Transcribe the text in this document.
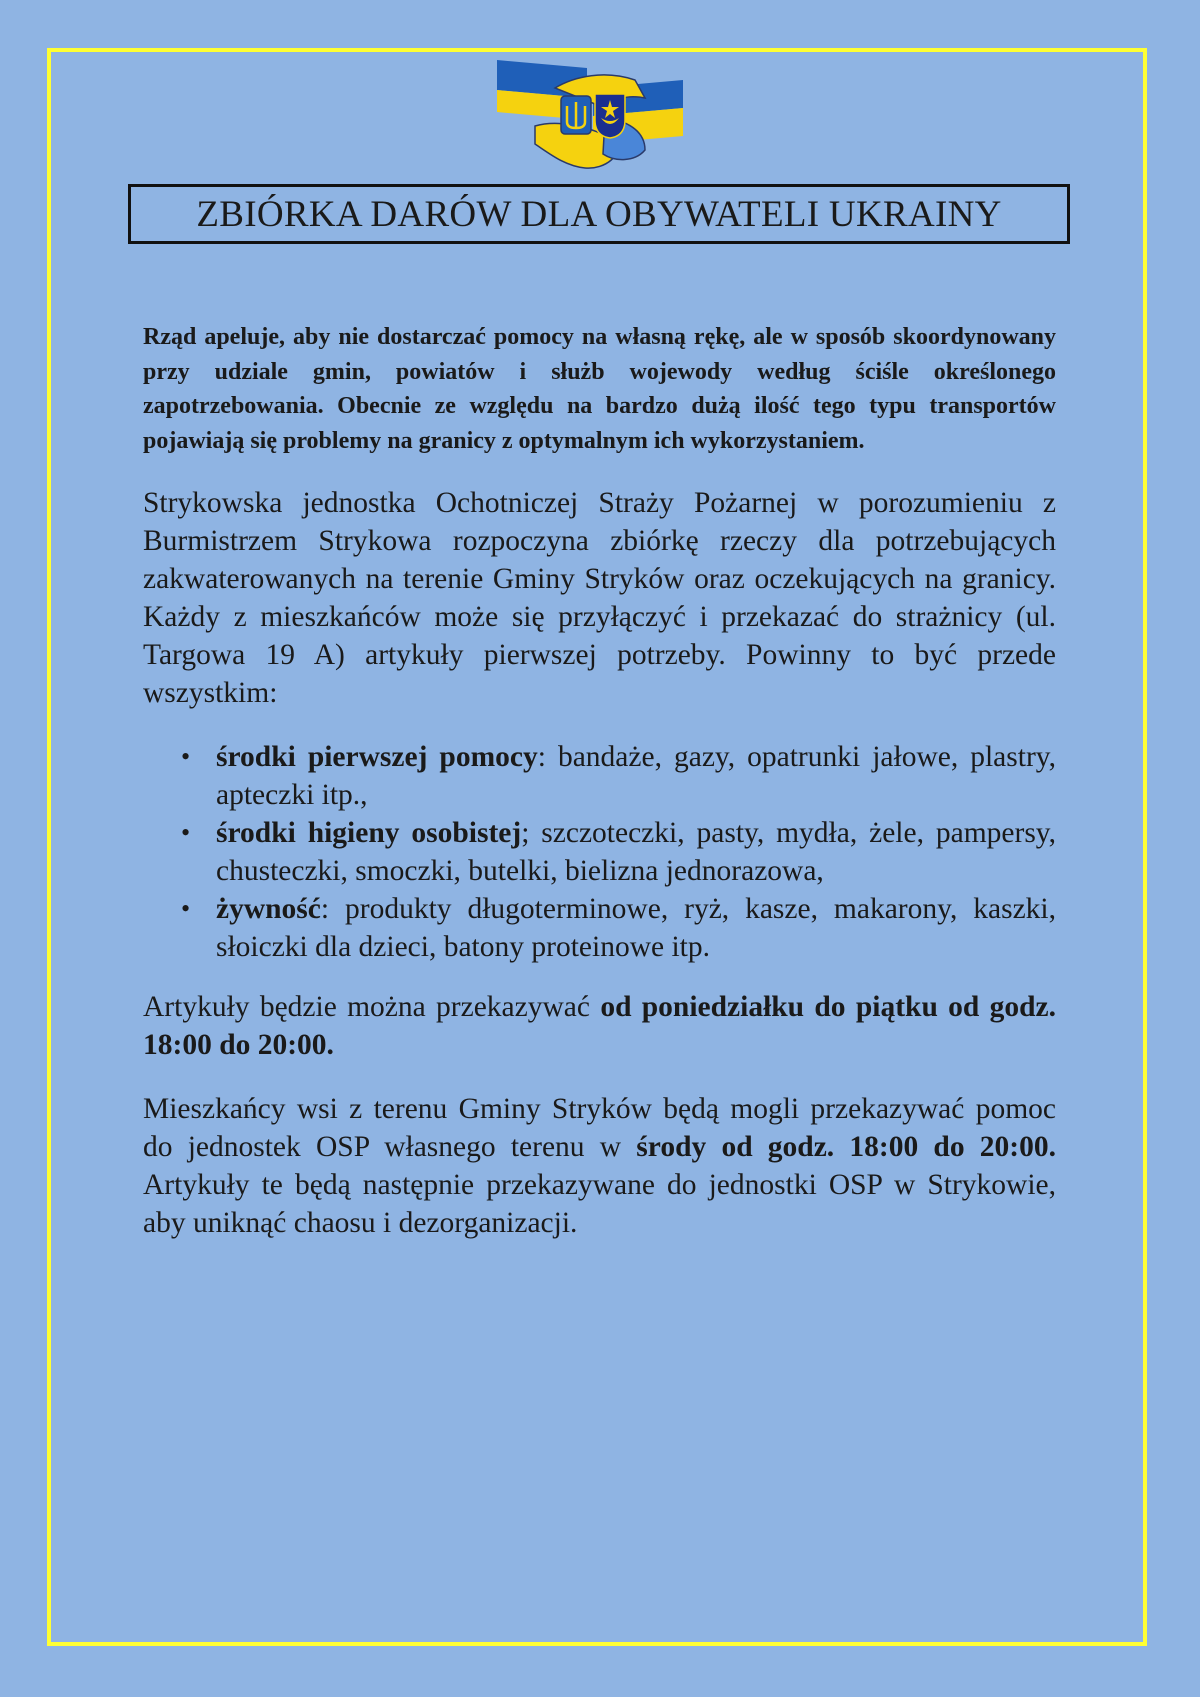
ZBIÓRKA DARÓW DLA OBYWATELI UKRAINY

Rząd apeluje, aby nie dostarczać pomocy na własną rękę, ale w sposób skoordynowany przy udziale gmin, powiatów i służb wojewody według ściśle określonego zapotrzebowania. Obecnie ze względu na bardzo dużą ilość tego typu transportów pojawiają się problemy na granicy z optymalnym ich wykorzystaniem.

Strykowska jednostka Ochotniczej Straży Pożarnej w porozumieniu z Burmistrzem Strykowa rozpoczyna zbiórkę rzeczy dla potrzebujących zakwaterowanych na terenie Gminy Stryków oraz oczekujących na granicy. Każdy z mieszkańców może się przyłączyć i przekazać do strażnicy (ul. Targowa 19 A) artykuły pierwszej potrzeby. Powinny to być przede wszystkim:

• środki pierwszej pomocy: bandaże, gazy, opatrunki jałowe, plastry, apteczki itp.,
• środki higieny osobistej; szczoteczki, pasty, mydła, żele, pampersy, chusteczki, smoczki, butelki, bielizna jednorazowa,
• żywność: produkty długoterminowe, ryż, kasze, makarony, kaszki, słoiczki dla dzieci, batony proteinowe itp.

Artykuły będzie można przekazywać od poniedziałku do piątku od godz. 18:00 do 20:00.

Mieszkańcy wsi z terenu Gminy Stryków będą mogli przekazywać pomoc do jednostek OSP własnego terenu w środy od godz. 18:00 do 20:00. Artykuły te będą następnie przekazywane do jednostki OSP w Strykowie, aby uniknąć chaosu i dezorganizacji.
